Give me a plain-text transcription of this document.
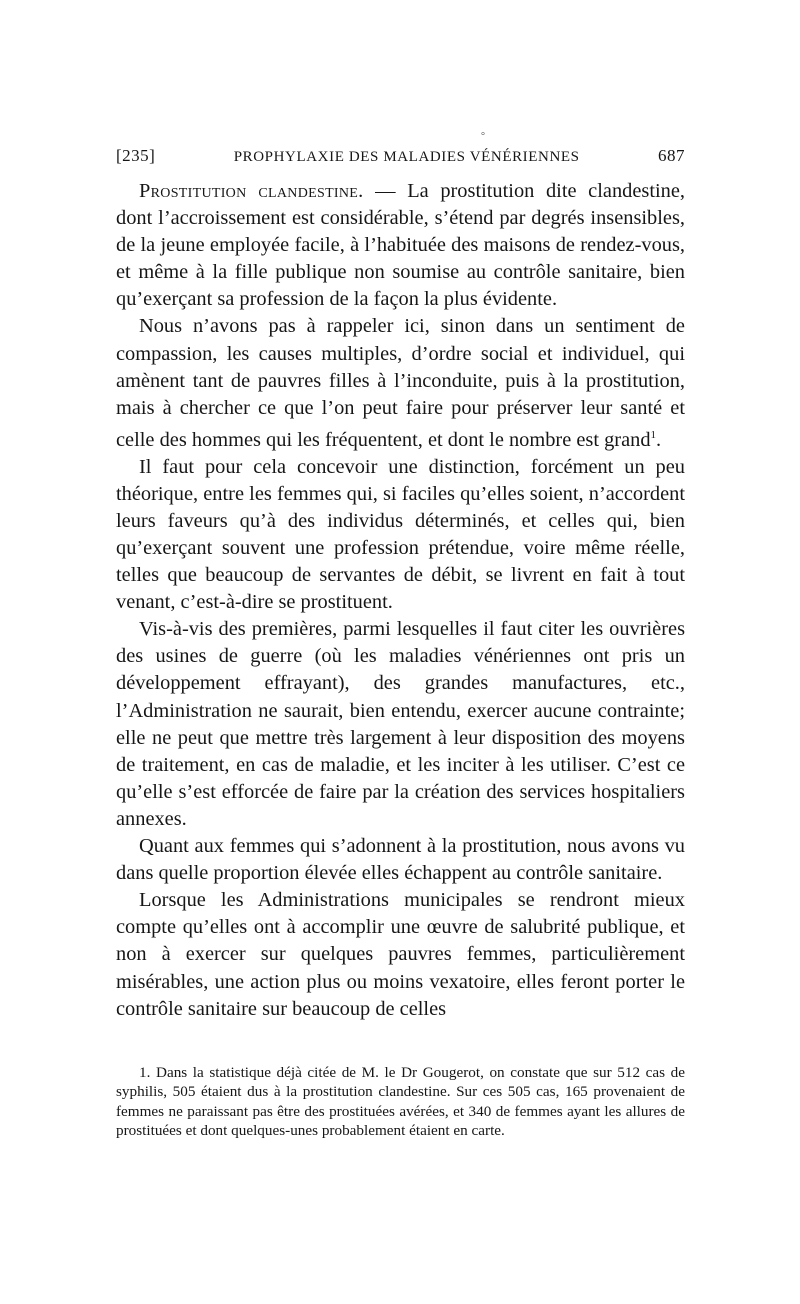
°
[235]	PROPHYLAXIE DES MALADIES VÉNÉRIENNES	687

Prostitution clandestine. — La prostitution dite clandestine, dont l’accroissement est considérable, s’étend par degrés insensibles, de la jeune employée facile, à l’habituée des maisons de rendez-vous, et même à la fille publique non soumise au contrôle sanitaire, bien qu’exerçant sa profession de la façon la plus évidente.

Nous n’avons pas à rappeler ici, sinon dans un sentiment de compassion, les causes multiples, d’ordre social et individuel, qui amènent tant de pauvres filles à l’inconduite, puis à la prostitution, mais à chercher ce que l’on peut faire pour préserver leur santé et celle des hommes qui les fréquentent, et dont le nombre est grand$^1$.

Il faut pour cela concevoir une distinction, forcément un peu théorique, entre les femmes qui, si faciles qu’elles soient, n’accordent leurs faveurs qu’à des individus déterminés, et celles qui, bien qu’exerçant souvent une profession prétendue, voire même réelle, telles que beaucoup de servantes de débit, se livrent en fait à tout venant, c’est-à-dire se prostituent.

Vis-à-vis des premières, parmi lesquelles il faut citer les ouvrières des usines de guerre (où les maladies vénériennes ont pris un développement effrayant), des grandes manufactures, etc., l’Administration ne saurait, bien entendu, exercer aucune contrainte; elle ne peut que mettre très largement à leur disposition des moyens de traitement, en cas de maladie, et les inciter à les utiliser. C’est ce qu’elle s’est efforcée de faire par la création des services hospitaliers annexes.

Quant aux femmes qui s’adonnent à la prostitution, nous avons vu dans quelle proportion élevée elles échappent au contrôle sanitaire.

Lorsque les Administrations municipales se rendront mieux compte qu’elles ont à accomplir une œuvre de salubrité publique, et non à exercer sur quelques pauvres femmes, particulièrement misérables, une action plus ou moins vexatoire, elles feront porter le contrôle sanitaire sur beaucoup de celles

1. Dans la statistique déjà citée de M. le Dr Gougerot, on constate que sur 512 cas de syphilis, 505 étaient dus à la prostitution clandestine. Sur ces 505 cas, 165 provenaient de femmes ne paraissant pas être des prostituées avérées, et 340 de femmes ayant les allures de prostituées et dont quelques-unes probablement étaient en carte.
